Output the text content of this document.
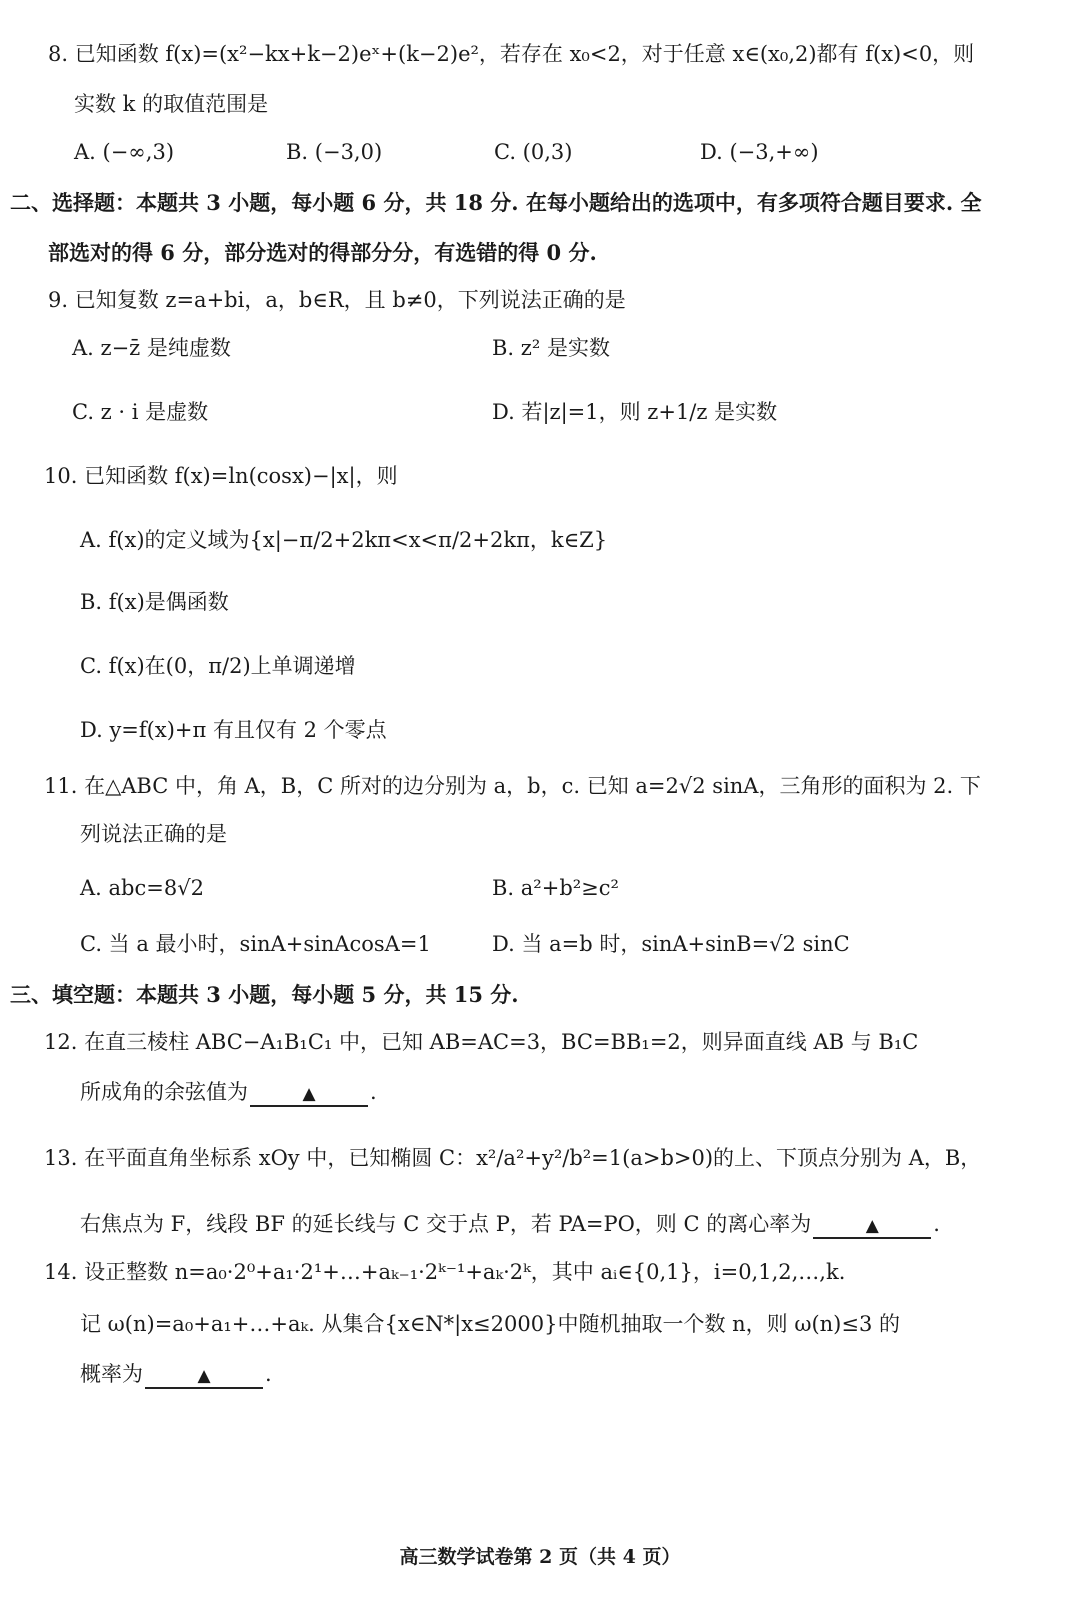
8. 已知函数 f(x)=(x²−kx+k−2)eˣ+(k−2)e²，若存在 x₀<2，对于任意 x∈(x₀,2)都有 f(x)<0，则
实数 k 的取值范围是
A. (−∞,3)	B. (−3,0)	C. (0,3)	D. (−3,+∞)
二、选择题：本题共 3 小题，每小题 6 分，共 18 分. 在每小题给出的选项中，有多项符合题目要求. 全
部选对的得 6 分，部分选对的得部分分，有选错的得 0 分.
9. 已知复数 z=a+bi，a，b∈R，且 b≠0，下列说法正确的是
A. z−z̄ 是纯虚数	B. z² 是实数
C. z · i 是虚数	D. 若|z|=1，则 z+1/z 是实数
10. 已知函数 f(x)=ln(cosx)−|x|，则
A. f(x)的定义域为{x|−π/2+2kπ<x<π/2+2kπ，k∈Z}
B. f(x)是偶函数
C. f(x)在(0，π/2)上单调递增
D. y=f(x)+π 有且仅有 2 个零点
11. 在△ABC 中，角 A，B，C 所对的边分别为 a，b，c. 已知 a=2√2 sinA，三角形的面积为 2. 下
列说法正确的是
A. abc=8√2	B. a²+b²≥c²
C. 当 a 最小时，sinA+sinAcosA=1	D. 当 a=b 时，sinA+sinB=√2 sinC
三、填空题：本题共 3 小题，每小题 5 分，共 15 分.
12. 在直三棱柱 ABC−A₁B₁C₁ 中，已知 AB=AC=3，BC=BB₁=2，则异面直线 AB 与 B₁C
所成角的余弦值为	▲	.
13. 在平面直角坐标系 xOy 中，已知椭圆 C：x²/a²+y²/b²=1(a>b>0)的上、下顶点分别为 A，B，
右焦点为 F，线段 BF 的延长线与 C 交于点 P，若 PA=PO，则 C 的离心率为	▲	.
14. 设正整数 n=a₀·2⁰+a₁·2¹+…+aₖ₋₁·2ᵏ⁻¹+aₖ·2ᵏ，其中 aᵢ∈{0,1}，i=0,1,2,…,k.
记 ω(n)=a₀+a₁+…+aₖ. 从集合{x∈N*|x≤2000}中随机抽取一个数 n，则 ω(n)≤3 的
概率为	▲	.
高三数学试卷第 2 页（共 4 页）
